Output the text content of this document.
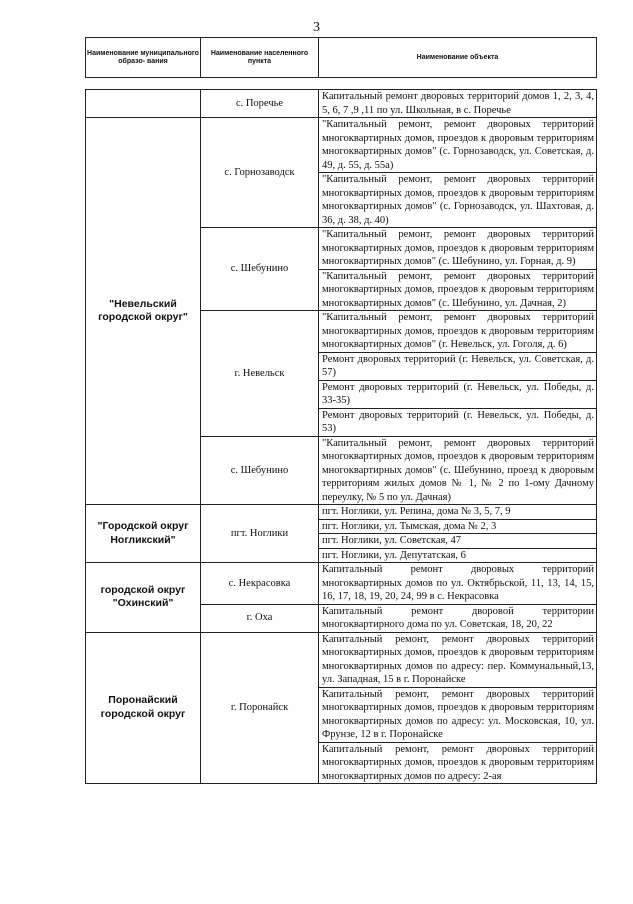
3
Наименование муниципального образо- вания	Наименование населенного пункта	Наименование объекта
	с. Поречье	Капитальный ремонт дворовых территорий домов 1, 2, 3, 4, 5, 6, 7 ,9 ,11 по ул. Школьная, в с. Поречье
"Невельский городской округ"	с. Горнозаводск	"Капитальный ремонт, ремонт дворовых территорий многоквартирных домов, проездов к дворовым территориям многоквартирных домов" (с. Горнозаводск, ул. Советская, д. 49, д. 55, д. 55а)
		"Капитальный ремонт, ремонт дворовых территорий многоквартирных домов, проездов к дворовым территориям многоквартирных домов" (с. Горнозаводск, ул. Шахтовая, д. 36, д. 38, д. 40)
	с. Шебунино	"Капитальный ремонт, ремонт дворовых территорий многоквартирных домов, проездов к дворовым территориям многоквартирных домов" (с. Шебунино, ул. Горная, д. 9)
		"Капитальный ремонт, ремонт дворовых территорий многоквартирных домов, проездов к дворовым территориям многоквартирных домов" (с. Шебунино, ул. Дачная, 2)
	г. Невельск	"Капитальный ремонт, ремонт дворовых территорий многоквартирных домов, проездов к дворовым территориям многоквартирных домов" (г. Невельск, ул. Гоголя, д. 6)
		Ремонт дворовых территорий (г. Невельск, ул. Советская, д. 57)
		Ремонт дворовых территорий (г. Невельск, ул. Победы, д. 33-35)
		Ремонт дворовых территорий (г. Невельск, ул. Победы, д. 53)
	с. Шебунино	"Капитальный ремонт, ремонт дворовых территорий многоквартирных домов, проездов к дворовым территориям многоквартирных домов" (с. Шебунино, проезд к дворовым территориям жилых домов № 1, № 2 по 1-ому Дачному переулку, № 5 по ул. Дачная)
"Городской округ Ногликский"	пгт. Ноглики	пгт. Ноглики, ул. Репина, дома № 3, 5, 7, 9
		пгт. Ноглики, ул. Тымская, дома № 2, 3
		пгт. Ноглики, ул. Советская, 47
		пгт. Ноглики, ул. Депутатская, 6
городской округ "Охинский"	с. Некрасовка	Капитальный ремонт дворовых территорий многоквартирных домов по ул. Октябрьской, 11, 13, 14, 15, 16, 17, 18, 19, 20, 24, 99 в с. Некрасовка
	г. Оха	Капитальный ремонт дворовой территории многоквартирного дома по ул. Советская, 18, 20, 22
Поронайский городской округ	г. Поронайск	Капитальный ремонт, ремонт дворовых территорий многоквартирных домов, проездов к дворовым территориям многоквартирных домов по адресу: пер. Коммунальный,13, ул. Западная, 15 в г. Поронайске
		Капитальный ремонт, ремонт дворовых территорий многоквартирных домов, проездов к дворовым территориям многоквартирных домов по адресу: ул. Московская, 10, ул. Фрунзе, 12 в г. Поронайске
		Капитальный ремонт, ремонт дворовых территорий многоквартирных домов, проездов к дворовым территориям многоквартирных домов по адресу: 2-ая
